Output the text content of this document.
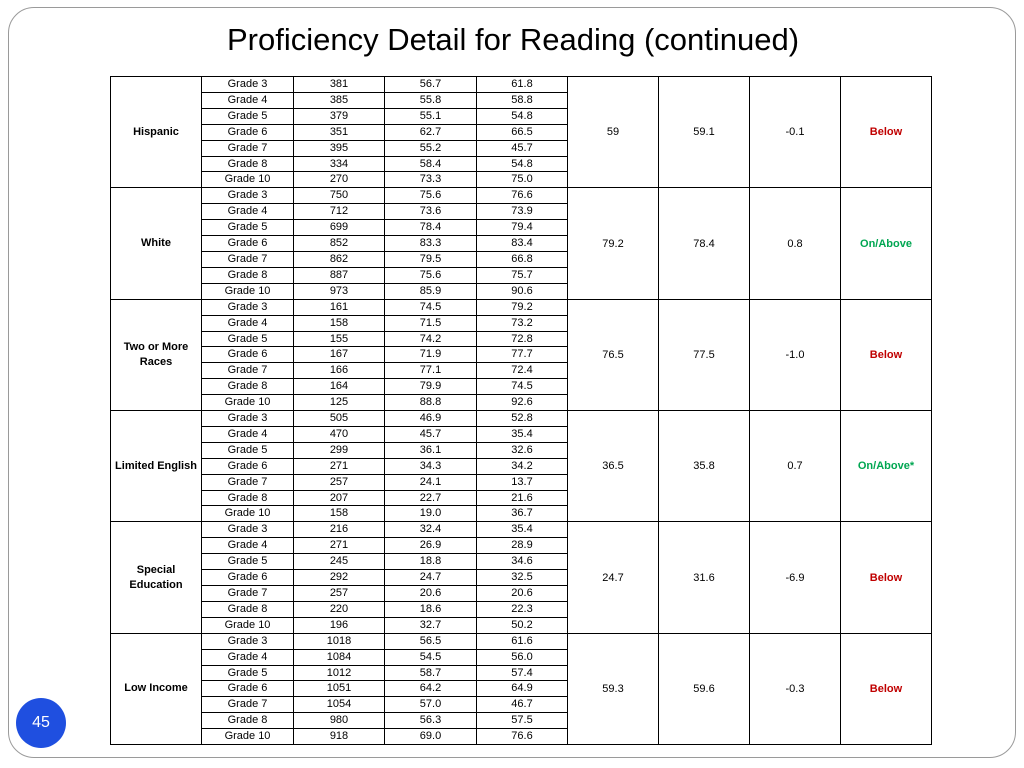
Proficiency Detail for Reading (continued)
Hispanic	Grade 3	381	56.7	61.8	59	59.1	-0.1	Below
	Grade 4	385	55.8	58.8				
	Grade 5	379	55.1	54.8				
	Grade 6	351	62.7	66.5				
	Grade 7	395	55.2	45.7				
	Grade 8	334	58.4	54.8				
	Grade 10	270	73.3	75.0				
White	Grade 3	750	75.6	76.6	79.2	78.4	0.8	On/Above
	Grade 4	712	73.6	73.9				
	Grade 5	699	78.4	79.4				
	Grade 6	852	83.3	83.4				
	Grade 7	862	79.5	66.8				
	Grade 8	887	75.6	75.7				
	Grade 10	973	85.9	90.6				
Two or More Races	Grade 3	161	74.5	79.2	76.5	77.5	-1.0	Below
	Grade 4	158	71.5	73.2				
	Grade 5	155	74.2	72.8				
	Grade 6	167	71.9	77.7				
	Grade 7	166	77.1	72.4				
	Grade 8	164	79.9	74.5				
	Grade 10	125	88.8	92.6				
Limited English	Grade 3	505	46.9	52.8	36.5	35.8	0.7	On/Above*
	Grade 4	470	45.7	35.4				
	Grade 5	299	36.1	32.6				
	Grade 6	271	34.3	34.2				
	Grade 7	257	24.1	13.7				
	Grade 8	207	22.7	21.6				
	Grade 10	158	19.0	36.7				
Special Education	Grade 3	216	32.4	35.4	24.7	31.6	-6.9	Below
	Grade 4	271	26.9	28.9				
	Grade 5	245	18.8	34.6				
	Grade 6	292	24.7	32.5				
	Grade 7	257	20.6	20.6				
	Grade 8	220	18.6	22.3				
	Grade 10	196	32.7	50.2				
Low Income	Grade 3	1018	56.5	61.6	59.3	59.6	-0.3	Below
	Grade 4	1084	54.5	56.0				
	Grade 5	1012	58.7	57.4				
	Grade 6	1051	64.2	64.9				
	Grade 7	1054	57.0	46.7				
	Grade 8	980	56.3	57.5				
	Grade 10	918	69.0	76.6				
45
